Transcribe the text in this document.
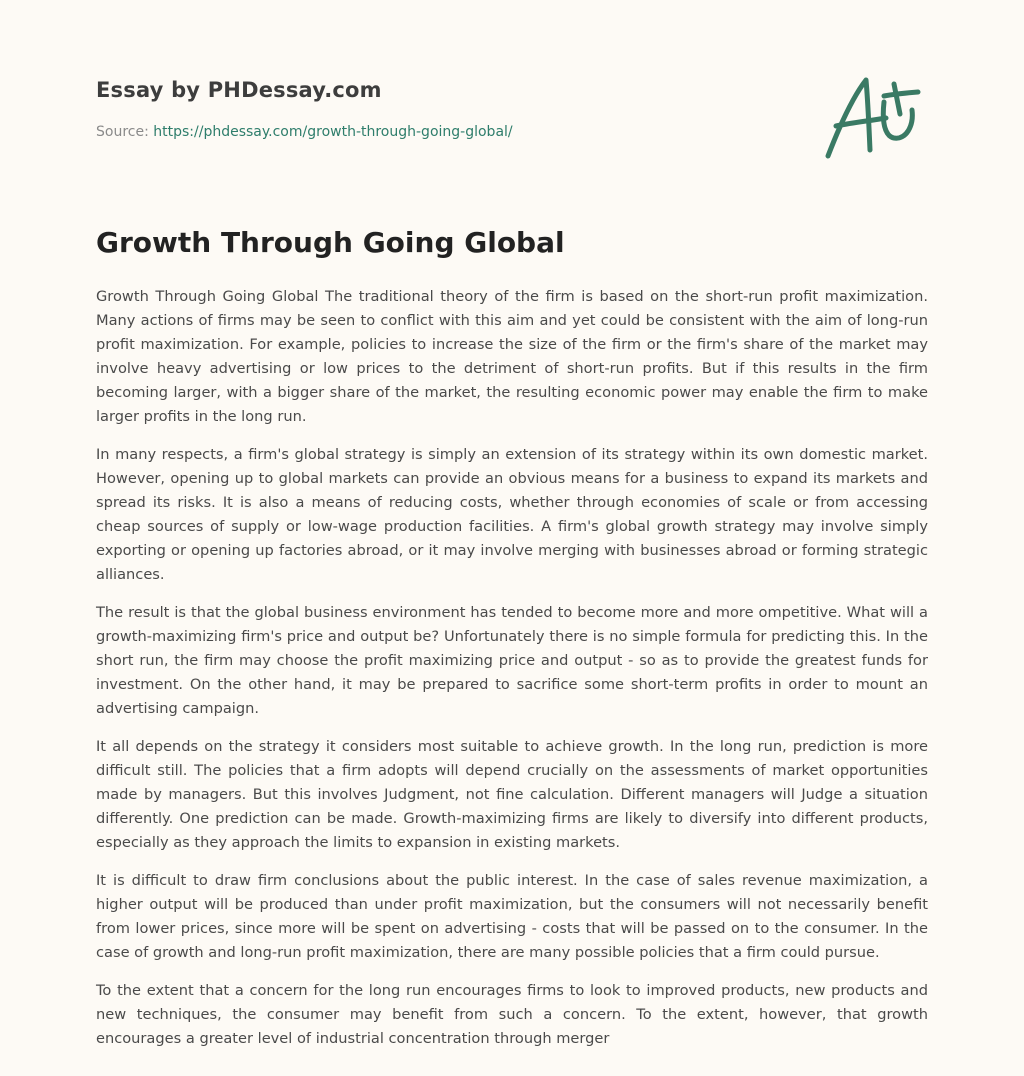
Essay by PHDessay.com
Source: https://phdessay.com/growth-through-going-global/
Growth Through Going Global

Growth Through Going Global The traditional theory of the firm is based on the short-run profit maximization. Many actions of firms may be seen to conflict with this aim and yet could be consistent with the aim of long-run profit maximization. For example, policies to increase the size of the firm or the firm's share of the market may involve heavy advertising or low prices to the detriment of short-run profits. But if this results in the firm becoming larger, with a bigger share of the market, the resulting economic power may enable the firm to make larger profits in the long run.

In many respects, a firm's global strategy is simply an extension of its strategy within its own domestic market. However, opening up to global markets can provide an obvious means for a business to expand its markets and spread its risks. It is also a means of reducing costs, whether through economies of scale or from accessing cheap sources of supply or low-wage production facilities. A firm's global growth strategy may involve simply exporting or opening up factories abroad, or it may involve merging with businesses abroad or forming strategic alliances.

The result is that the global business environment has tended to become more and more ompetitive. What will a growth-maximizing firm's price and output be? Unfortunately there is no simple formula for predicting this. In the short run, the firm may choose the profit maximizing price and output - so as to provide the greatest funds for investment. On the other hand, it may be prepared to sacrifice some short-term profits in order to mount an advertising campaign.

It all depends on the strategy it considers most suitable to achieve growth. In the long run, prediction is more difficult still. The policies that a firm adopts will depend crucially on the assessments of market opportunities made by managers. But this involves Judgment, not fine calculation. Different managers will Judge a situation differently. One prediction can be made. Growth-maximizing firms are likely to diversify into different products, especially as they approach the limits to expansion in existing markets.

It is difficult to draw firm conclusions about the public interest. In the case of sales revenue maximization, a higher output will be produced than under profit maximization, but the consumers will not necessarily benefit from lower prices, since more will be spent on advertising - costs that will be passed on to the consumer. In the case of growth and long-run profit maximization, there are many possible policies that a firm could pursue.

To the extent that a concern for the long run encourages firms to look to improved products, new products and new techniques, the consumer may benefit from such a concern. To the extent, however, that growth encourages a greater level of industrial concentration through merger
